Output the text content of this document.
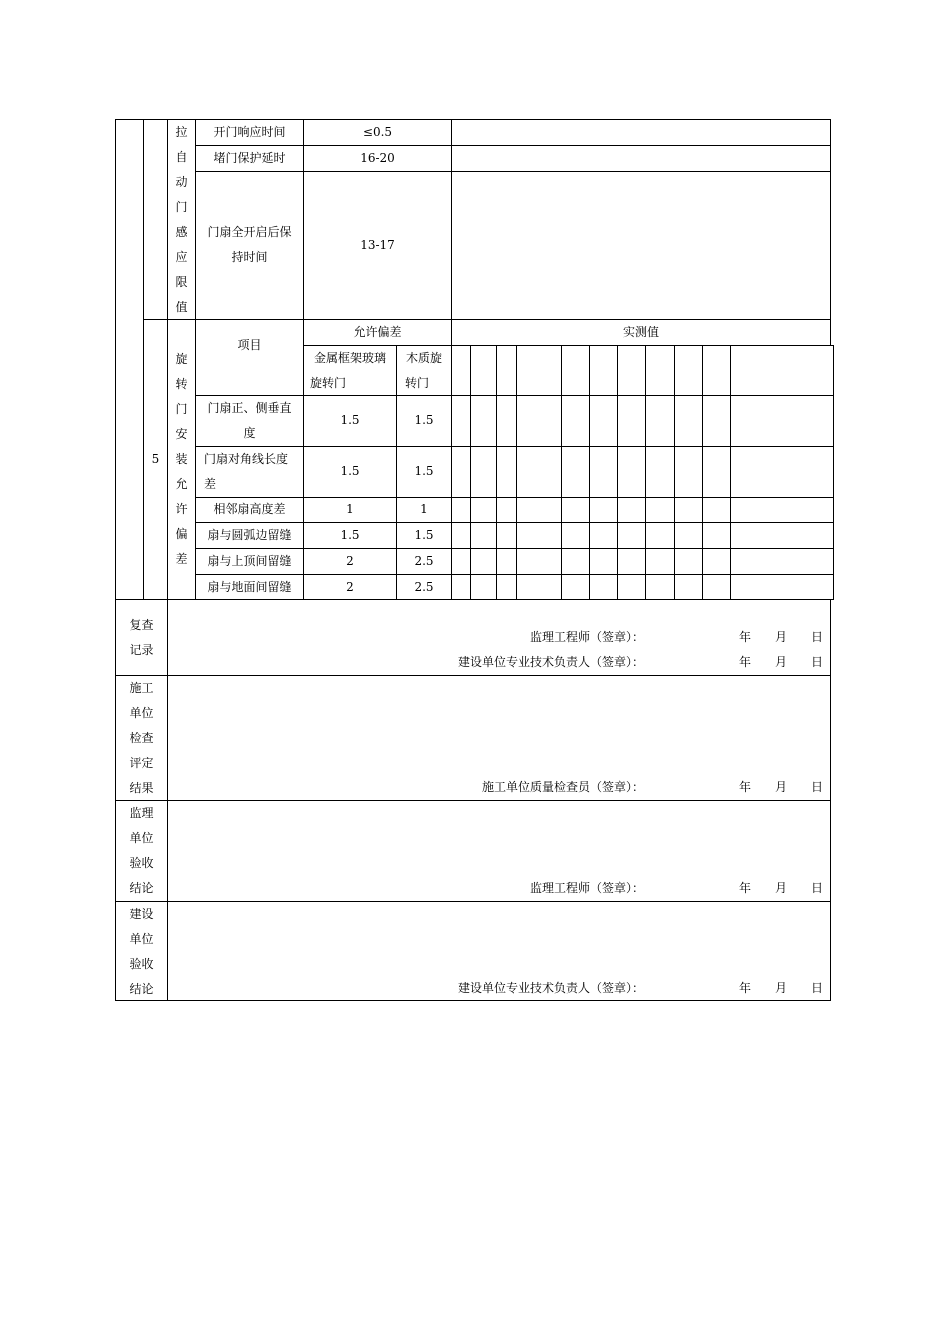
拉
自
动
门
感
应
限
值
开门响应时间	≤0.5
堵门保护延时	16-20
门扇全开启后保
持时间
13-17
5
旋
转
门
安
装
允
许
偏
差
项目
允许偏差	实测值
金属框架玻璃
旋转门
木质旋
转门
门扇正、侧垂直
度
1.5	1.5
门扇对角线长度
差
1.5	1.5
相邻扇高度差	1	1
扇与圆弧边留缝	1.5	1.5
扇与上顶间留缝	2	2.5
扇与地面间留缝	2	2.5
复查
记录
监理工程师（签章）：	年 月 日
建设单位专业技术负责人（签章）：	年 月 日
施工
单位
检查
评定
结果	施工单位质量检查员（签章）：	年 月 日
监理
单位
验收
结论	监理工程师（签章）：	年 月 日
建设
单位
验收
结论	建设单位专业技术负责人（签章）：	年 月 日
